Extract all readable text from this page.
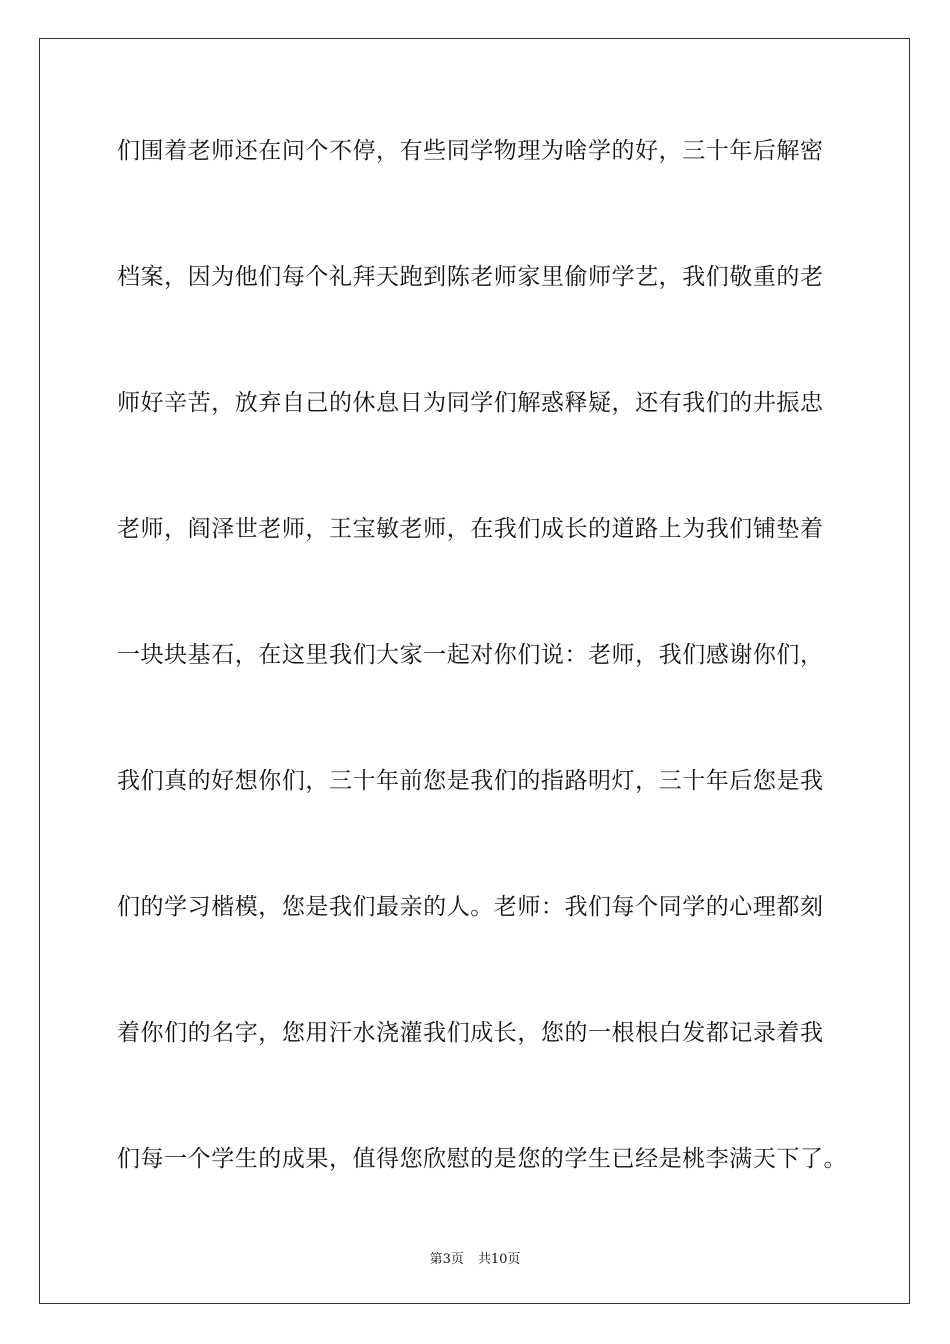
们围着老师还在问个不停，有些同学物理为啥学的好，三十年后解密
档案，因为他们每个礼拜天跑到陈老师家里偷师学艺，我们敬重的老
师好辛苦，放弃自己的休息日为同学们解惑释疑，还有我们的井振忠
老师，阎泽世老师，王宝敏老师，在我们成长的道路上为我们铺垫着
一块块基石，在这里我们大家一起对你们说：老师，我们感谢你们，
我们真的好想你们，三十年前您是我们的指路明灯，三十年后您是我
们的学习楷模，您是我们最亲的人。老师：我们每个同学的心理都刻
着你们的名字，您用汗水浇灌我们成长，您的一根根白发都记录着我
们每一个学生的成果，值得您欣慰的是您的学生已经是桃李满天下了。
第3页 共10页
